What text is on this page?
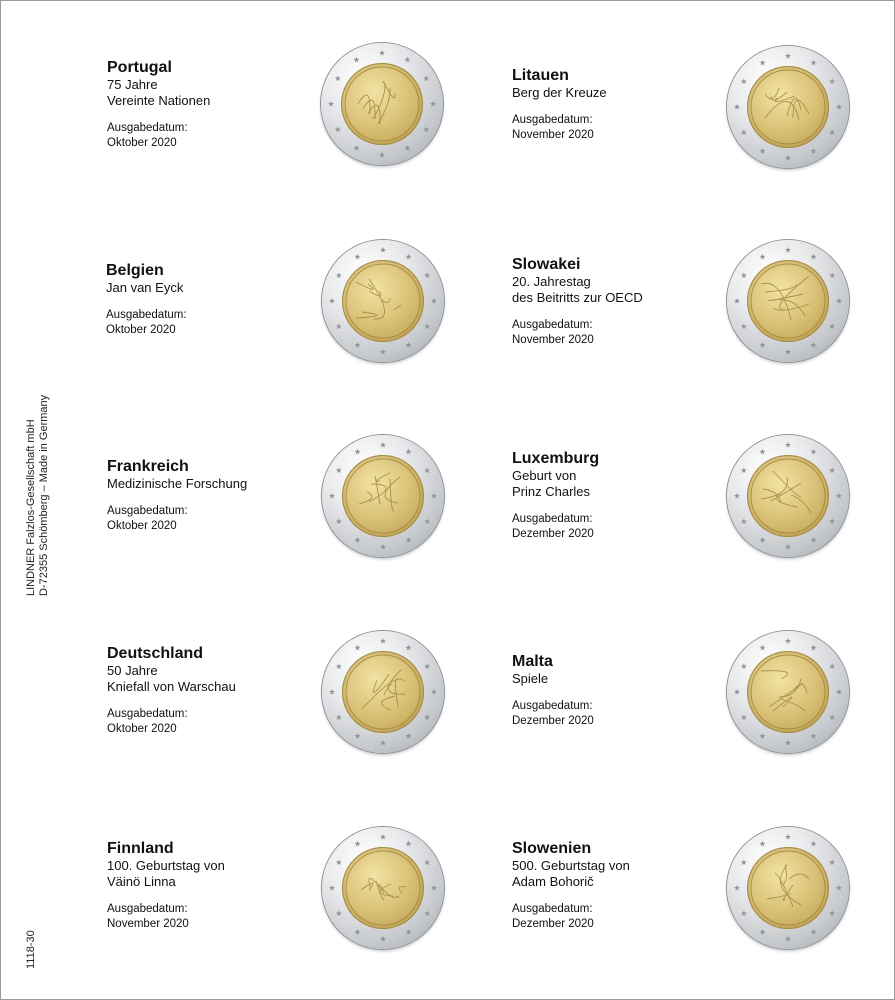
LINDNER Falzlos-Gesellschaft mbH D-72355 Schömberg – Made in Germany
1118-30
Portugal
75 Jahre
Vereinte Nationen
Ausgabedatum:
Oktober 2020
Litauen
Berg der Kreuze
Ausgabedatum:
November 2020
Belgien
Jan van Eyck
Ausgabedatum:
Oktober 2020
Slowakei
20. Jahrestag
des Beitritts zur OECD
Ausgabedatum:
November 2020
Frankreich
Medizinische Forschung
Ausgabedatum:
Oktober 2020
Luxemburg
Geburt von
Prinz Charles
Ausgabedatum:
Dezember 2020
Deutschland
50 Jahre
Kniefall von Warschau
Ausgabedatum:
Oktober 2020
Malta
Spiele
Ausgabedatum:
Dezember 2020
Finnland
100. Geburtstag von
Väinö Linna
Ausgabedatum:
November 2020
Slowenien
500. Geburtstag von
Adam Bohorič
Ausgabedatum:
Dezember 2020
